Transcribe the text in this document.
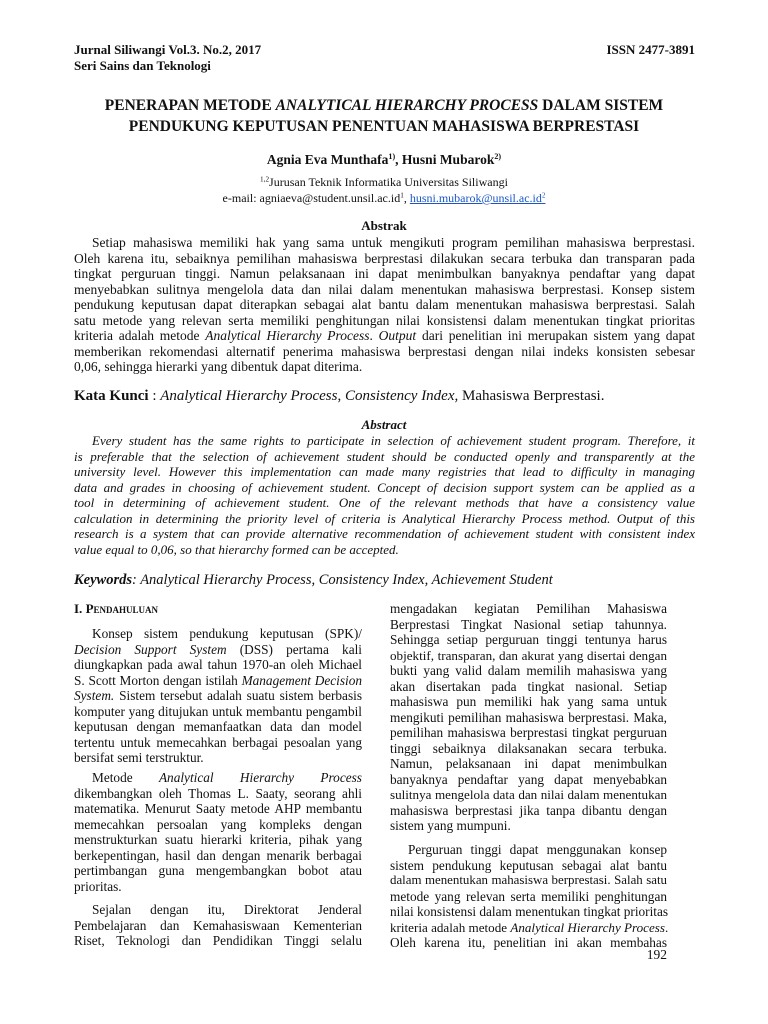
Jurnal Siliwangi Vol.3. No.2, 2017
Seri Sains dan Teknologi
ISSN 2477-3891
PENERAPAN METODE ANALYTICAL HIERARCHY PROCESS DALAM SISTEM
PENDUKUNG KEPUTUSAN PENENTUAN MAHASISWA BERPRESTASI
Agnia Eva Munthafa$^{1)}$, Husni Mubarok$^{2)}$
$^{1,2}$Jurusan Teknik Informatika Universitas Siliwangi
e-mail: $agniaeva@student.unsil.ac.id^1$, $husni.mubarok@unsil.ac.id^2$
Abstrak
Setiap mahasiswa memiliki hak yang sama untuk mengikuti program pemilihan mahasiswa berprestasi.
Oleh karena itu, sebaiknya pemilihan mahasiswa berprestasi dilakukan secara terbuka dan transparan pada
tingkat perguruan tinggi. Namun pelaksanaan ini dapat menimbulkan banyaknya pendaftar yang dapat
menyebabkan sulitnya mengelola data dan nilai dalam menentukan mahasiswa berprestasi. Konsep sistem
pendukung keputusan dapat diterapkan sebagai alat bantu dalam menentukan mahasiswa berprestasi. Salah
satu metode yang relevan serta memiliki penghitungan nilai konsistensi dalam menentukan tingkat prioritas
kriteria adalah metode Analytical Hierarchy Process. Output dari penelitian ini merupakan sistem yang dapat
memberikan rekomendasi alternatif penerima mahasiswa berprestasi dengan nilai indeks konsisten sebesar
0,06, sehingga hierarki yang dibentuk dapat diterima.
Kata Kunci : Analytical Hierarchy Process, Consistency Index, Mahasiswa Berprestasi.
Abstract
Every student has the same rights to participate in selection of achievement student program. Therefore, it
is preferable that the selection of achievement student should be conducted openly and transparently at the
university level. However this implementation can made many registries that lead to difficulty in managing
data and grades in choosing of achievement student. Concept of decision support system can be applied as a
tool in determining of achievement student. One of the relevant methods that have a consistency value
calculation in determining the priority level of criteria is Analytical Hierarchy Process method. Output of this
research is a system that can provide alternative recommendation of achievement student with consistent index
value equal to 0,06, so that hierarchy formed can be accepted.
Keywords: Analytical Hierarchy Process, Consistency Index, Achievement Student
I. Pendahuluan
Konsep sistem pendukung keputusan (SPK)/
Decision Support System (DSS) pertama kali
diungkapkan pada awal tahun 1970-an oleh Michael
S. Scott Morton dengan istilah Management Decision
System. Sistem tersebut adalah suatu sistem berbasis
komputer yang ditujukan untuk membantu pengambil
keputusan dengan memanfaatkan data dan model
tertentu untuk memecahkan berbagai pesoalan yang
bersifat semi terstruktur.
Metode Analytical Hierarchy Process
dikembangkan oleh Thomas L. Saaty, seorang ahli
matematika. Menurut Saaty metode AHP membantu
memecahkan persoalan yang kompleks dengan
menstrukturkan suatu hierarki kriteria, pihak yang
berkepentingan, hasil dan dengan menarik berbagai
pertimbangan guna mengembangkan bobot atau
prioritas.
Sejalan dengan itu, Direktorat Jenderal
Pembelajaran dan Kemahasiswaan Kementerian
Riset, Teknologi dan Pendidikan Tinggi selalu
mengadakan kegiatan Pemilihan Mahasiswa
Berprestasi Tingkat Nasional setiap tahunnya.
Sehingga setiap perguruan tinggi tentunya harus
objektif, transparan, dan akurat yang disertai dengan
bukti yang valid dalam memilih mahasiswa yang
akan disertakan pada tingkat nasional. Setiap
mahasiswa pun memiliki hak yang sama untuk
mengikuti pemilihan mahasiswa berprestasi. Maka,
pemilihan mahasiswa berprestasi tingkat perguruan
tinggi sebaiknya dilaksanakan secara terbuka.
Namun, pelaksanaan ini dapat menimbulkan
banyaknya pendaftar yang dapat menyebabkan
sulitnya mengelola data dan nilai dalam menentukan
mahasiswa berprestasi jika tanpa dibantu dengan
sistem yang mumpuni.
Perguruan tinggi dapat menggunakan konsep
sistem pendukung keputusan sebagai alat bantu
dalam menentukan mahasiswa berprestasi. Salah satu
metode yang relevan serta memiliki penghitungan
nilai konsistensi dalam menentukan tingkat prioritas
kriteria adalah metode Analytical Hierarchy Process.
Oleh karena itu, penelitian ini akan membahas
192
